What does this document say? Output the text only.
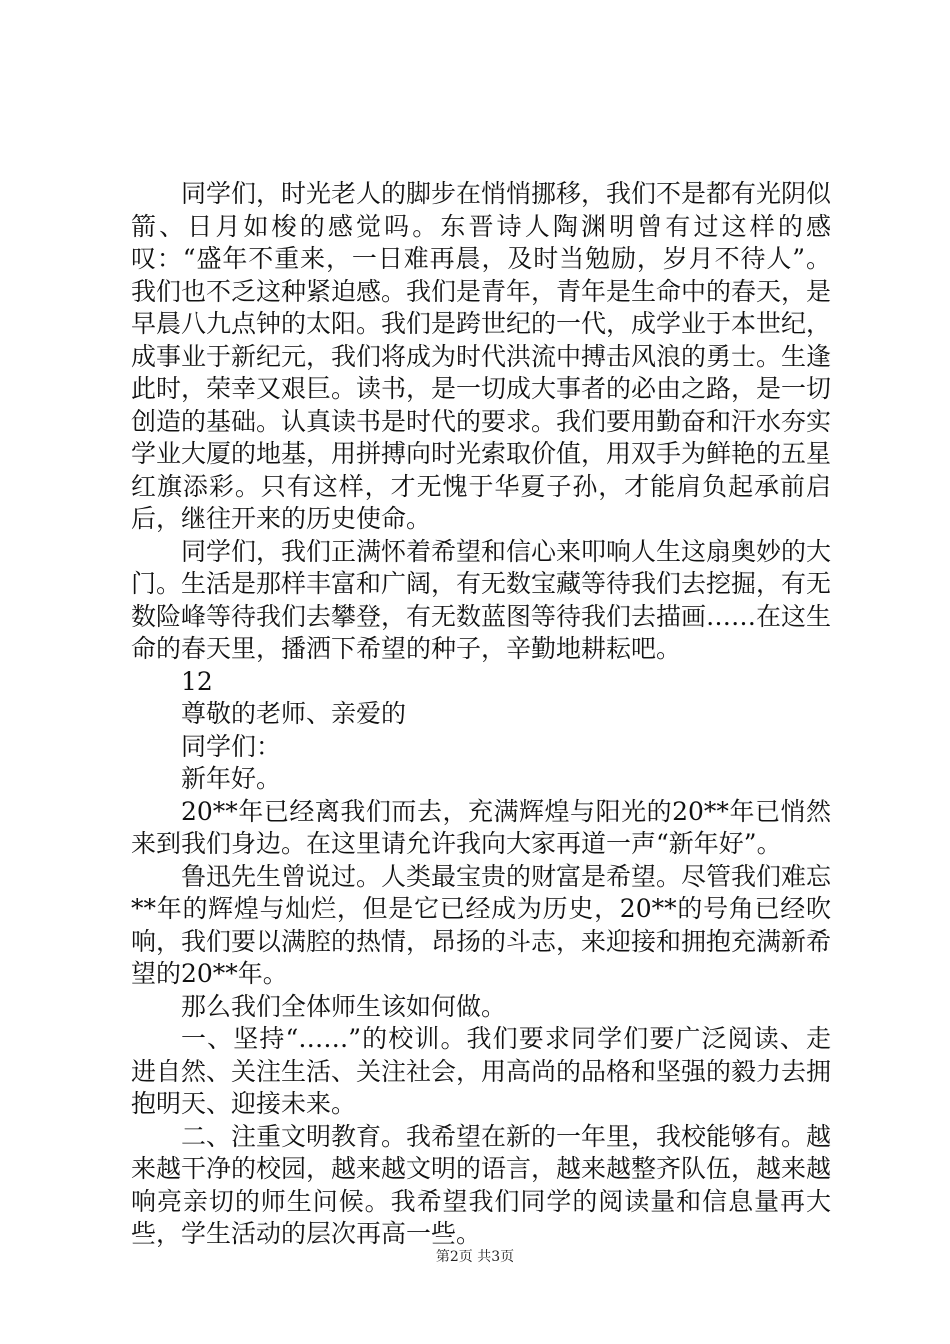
同学们，时光老人的脚步在悄悄挪移，我们不是都有光阴似箭、日月如梭的感觉吗。东晋诗人陶渊明曾有过这样的感叹：“盛年不重来，一日难再晨，及时当勉励，岁月不待人”。我们也不乏这种紧迫感。我们是青年，青年是生命中的春天，是早晨八九点钟的太阳。我们是跨世纪的一代，成学业于本世纪，成事业于新纪元，我们将成为时代洪流中搏击风浪的勇士。生逢此时，荣幸又艰巨。读书，是一切成大事者的必由之路，是一切创造的基础。认真读书是时代的要求。我们要用勤奋和汗水夯实学业大厦的地基，用拼搏向时光索取价值，用双手为鲜艳的五星红旗添彩。只有这样，才无愧于华夏子孙，才能肩负起承前启后，继往开来的历史使命。

同学们，我们正满怀着希望和信心来叩响人生这扇奥妙的大门。生活是那样丰富和广阔，有无数宝藏等待我们去挖掘，有无数险峰等待我们去攀登，有无数蓝图等待我们去描画……在这生命的春天里，播洒下希望的种子，辛勤地耕耘吧。

12

尊敬的老师、亲爱的

同学们：

新年好。

20**年已经离我们而去，充满辉煌与阳光的20**年已悄然来到我们身边。在这里请允许我向大家再道一声“新年好”。

鲁迅先生曾说过。人类最宝贵的财富是希望。尽管我们难忘**年的辉煌与灿烂，但是它已经成为历史，20**的号角已经吹响，我们要以满腔的热情，昂扬的斗志，来迎接和拥抱充满新希望的20**年。

那么我们全体师生该如何做。

一、坚持“……”的校训。我们要求同学们要广泛阅读、走进自然、关注生活、关注社会，用高尚的品格和坚强的毅力去拥抱明天、迎接未来。

二、注重文明教育。我希望在新的一年里，我校能够有。越来越干净的校园，越来越文明的语言，越来越整齐队伍，越来越响亮亲切的师生问候。我希望我们同学的阅读量和信息量再大些，学生活动的层次再高一些。

第2页 共3页
